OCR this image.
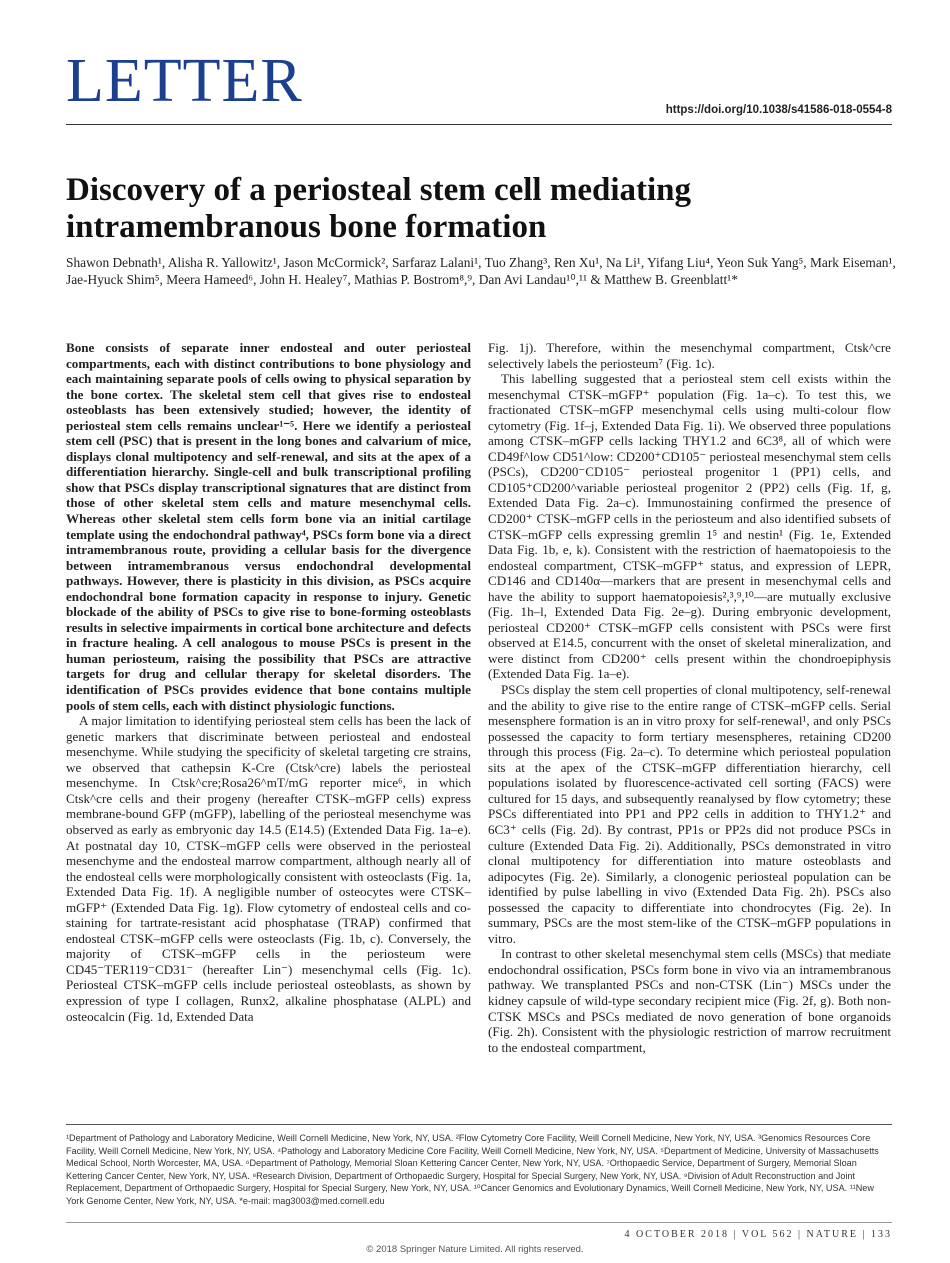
LETTER	https://doi.org/10.1038/s41586-018-0554-8
Discovery of a periosteal stem cell mediating intramembranous bone formation
Shawon Debnath¹, Alisha R. Yallowitz¹, Jason McCormick², Sarfaraz Lalani¹, Tuo Zhang³, Ren Xu¹, Na Li¹, Yifang Liu⁴, Yeon Suk Yang⁵, Mark Eiseman¹, Jae-Hyuck Shim⁵, Meera Hameed⁶, John H. Healey⁷, Mathias P. Bostrom⁸,⁹, Dan Avi Landau¹⁰,¹¹ & Matthew B. Greenblatt¹*

Bone consists of separate inner endosteal and outer periosteal compartments, each with distinct contributions to bone physiology and each maintaining separate pools of cells owing to physical separation by the bone cortex. The skeletal stem cell that gives rise to endosteal osteoblasts has been extensively studied; however, the identity of periosteal stem cells remains unclear¹⁻⁵. Here we identify a periosteal stem cell (PSC) that is present in the long bones and calvarium of mice, displays clonal multipotency and self-renewal, and sits at the apex of a differentiation hierarchy. Single-cell and bulk transcriptional profiling show that PSCs display transcriptional signatures that are distinct from those of other skeletal stem cells and mature mesenchymal cells. Whereas other skeletal stem cells form bone via an initial cartilage template using the endochondral pathway⁴, PSCs form bone via a direct intramembranous route, providing a cellular basis for the divergence between intramembranous versus endochondral developmental pathways. However, there is plasticity in this division, as PSCs acquire endochondral bone formation capacity in response to injury. Genetic blockade of the ability of PSCs to give rise to bone-forming osteoblasts results in selective impairments in cortical bone architecture and defects in fracture healing. A cell analogous to mouse PSCs is present in the human periosteum, raising the possibility that PSCs are attractive targets for drug and cellular therapy for skeletal disorders. The identification of PSCs provides evidence that bone contains multiple pools of stem cells, each with distinct physiologic functions.

A major limitation to identifying periosteal stem cells has been the lack of genetic markers that discriminate between periosteal and endosteal mesenchyme. While studying the specificity of skeletal targeting cre strains, we observed that cathepsin K-Cre (Ctsk^cre) labels the periosteal mesenchyme. In Ctsk^cre;Rosa26^mT/mG reporter mice⁶, in which Ctsk^cre cells and their progeny (hereafter CTSK–mGFP cells) express membrane-bound GFP (mGFP), labelling of the periosteal mesenchyme was observed as early as embryonic day 14.5 (E14.5) (Extended Data Fig. 1a–e). At postnatal day 10, CTSK–mGFP cells were observed in the periosteal mesenchyme and the endosteal marrow compartment, although nearly all of the endosteal cells were morphologically consistent with osteoclasts (Fig. 1a, Extended Data Fig. 1f). A negligible number of osteocytes were CTSK–mGFP⁺ (Extended Data Fig. 1g). Flow cytometry of endosteal cells and co-staining for tartrate-resistant acid phosphatase (TRAP) confirmed that endosteal CTSK–mGFP cells were osteoclasts (Fig. 1b, c). Conversely, the majority of CTSK–mGFP cells in the periosteum were CD45⁻TER119⁻CD31⁻ (hereafter Lin⁻) mesenchymal cells (Fig. 1c). Periosteal CTSK–mGFP cells include periosteal osteoblasts, as shown by expression of type I collagen, Runx2, alkaline phosphatase (ALPL) and osteocalcin (Fig. 1d, Extended Data

Fig. 1j). Therefore, within the mesenchymal compartment, Ctsk^cre selectively labels the periosteum⁷ (Fig. 1c).

This labelling suggested that a periosteal stem cell exists within the mesenchymal CTSK–mGFP⁺ population (Fig. 1a–c). To test this, we fractionated CTSK–mGFP mesenchymal cells using multi-colour flow cytometry (Fig. 1f–j, Extended Data Fig. 1i). We observed three populations among CTSK–mGFP cells lacking THY1.2 and 6C3⁸, all of which were CD49f^low CD51^low: CD200⁺CD105⁻ periosteal mesenchymal stem cells (PSCs), CD200⁻CD105⁻ periosteal progenitor 1 (PP1) cells, and CD105⁺CD200^variable periosteal progenitor 2 (PP2) cells (Fig. 1f, g, Extended Data Fig. 2a–c). Immunostaining confirmed the presence of CD200⁺ CTSK–mGFP cells in the periosteum and also identified subsets of CTSK–mGFP cells expressing gremlin 1⁵ and nestin¹ (Fig. 1e, Extended Data Fig. 1b, e, k). Consistent with the restriction of haematopoiesis to the endosteal compartment, CTSK–mGFP⁺ status, and expression of LEPR, CD146 and CD140α—markers that are present in mesenchymal cells and have the ability to support haematopoiesis²,³,⁹,¹⁰—are mutually exclusive (Fig. 1h–l, Extended Data Fig. 2e–g). During embryonic development, periosteal CD200⁺ CTSK–mGFP cells consistent with PSCs were first observed at E14.5, concurrent with the onset of skeletal mineralization, and were distinct from CD200⁺ cells present within the chondroepiphysis (Extended Data Fig. 1a–e).

PSCs display the stem cell properties of clonal multipotency, self-renewal and the ability to give rise to the entire range of CTSK–mGFP cells. Serial mesensphere formation is an in vitro proxy for self-renewal¹, and only PSCs possessed the capacity to form tertiary mesenspheres, retaining CD200 through this process (Fig. 2a–c). To determine which periosteal population sits at the apex of the CTSK–mGFP differentiation hierarchy, cell populations isolated by fluorescence-activated cell sorting (FACS) were cultured for 15 days, and subsequently reanalysed by flow cytometry; these PSCs differentiated into PP1 and PP2 cells in addition to THY1.2⁺ and 6C3⁺ cells (Fig. 2d). By contrast, PP1s or PP2s did not produce PSCs in culture (Extended Data Fig. 2i). Additionally, PSCs demonstrated in vitro clonal multipotency for differentiation into mature osteoblasts and adipocytes (Fig. 2e). Similarly, a clonogenic periosteal population can be identified by pulse labelling in vivo (Extended Data Fig. 2h). PSCs also possessed the capacity to differentiate into chondrocytes (Fig. 2e). In summary, PSCs are the most stem-like of the CTSK–mGFP populations in vitro.

In contrast to other skeletal mesenchymal stem cells (MSCs) that mediate endochondral ossification, PSCs form bone in vivo via an intramembranous pathway. We transplanted PSCs and non-CTSK (Lin⁻) MSCs under the kidney capsule of wild-type secondary recipient mice (Fig. 2f, g). Both non-CTSK MSCs and PSCs mediated de novo generation of bone organoids (Fig. 2h). Consistent with the physiologic restriction of marrow recruitment to the endosteal compartment,

¹Department of Pathology and Laboratory Medicine, Weill Cornell Medicine, New York, NY, USA. ²Flow Cytometry Core Facility, Weill Cornell Medicine, New York, NY, USA. ³Genomics Resources Core Facility, Weill Cornell Medicine, New York, NY, USA. ⁴Pathology and Laboratory Medicine Core Facility, Weill Cornell Medicine, New York, NY, USA. ⁵Department of Medicine, University of Massachusetts Medical School, North Worcester, MA, USA. ⁶Department of Pathology, Memorial Sloan Kettering Cancer Center, New York, NY, USA. ⁷Orthopaedic Service, Department of Surgery, Memorial Sloan Kettering Cancer Center, New York, NY, USA. ⁸Research Division, Department of Orthopaedic Surgery, Hospital for Special Surgery, New York, NY, USA. ⁹Division of Adult Reconstruction and Joint Replacement, Department of Orthopaedic Surgery, Hospital for Special Surgery, New York, NY, USA. ¹⁰Cancer Genomics and Evolutionary Dynamics, Weill Cornell Medicine, New York, NY, USA. ¹¹New York Genome Center, New York, NY, USA. *e-mail: mag3003@med.cornell.edu
4 OCTOBER 2018 | VOL 562 | NATURE | 133
© 2018 Springer Nature Limited. All rights reserved.
